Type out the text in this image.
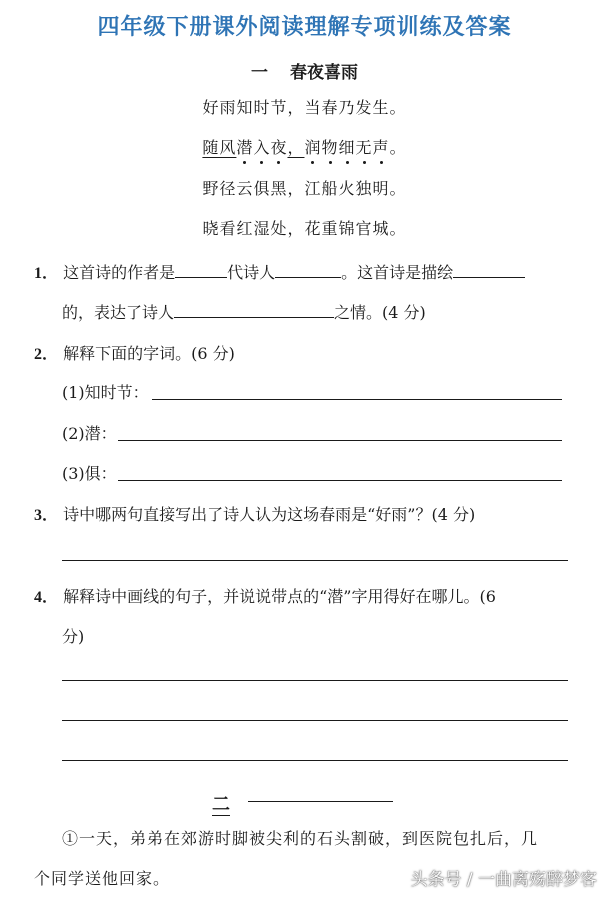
四年级下册课外阅读理解专项训练及答案
一 春夜喜雨
好雨知时节，当春乃发生。
随风潜入夜，润物细无声。
野径云俱黑，江船火独明。
晓看红湿处，花重锦官城。
1． 这首诗的作者是	代诗人	。这首诗是描绘
的，表达了诗人	之情。(4 分)
2． 解释下面的字词。(6 分)
(1)知时节：
(2)潜：
(3)俱：
3． 诗中哪两句直接写出了诗人认为这场春雨是“好雨”？(4 分)
4． 解释诗中画线的句子，并说说带点的“潜”字用得好在哪儿。(6
分)
二
①一天，弟弟在郊游时脚被尖利的石头割破，到医院包扎后，几
个同学送他回家。	头条号 / 一曲离殇醉梦客
